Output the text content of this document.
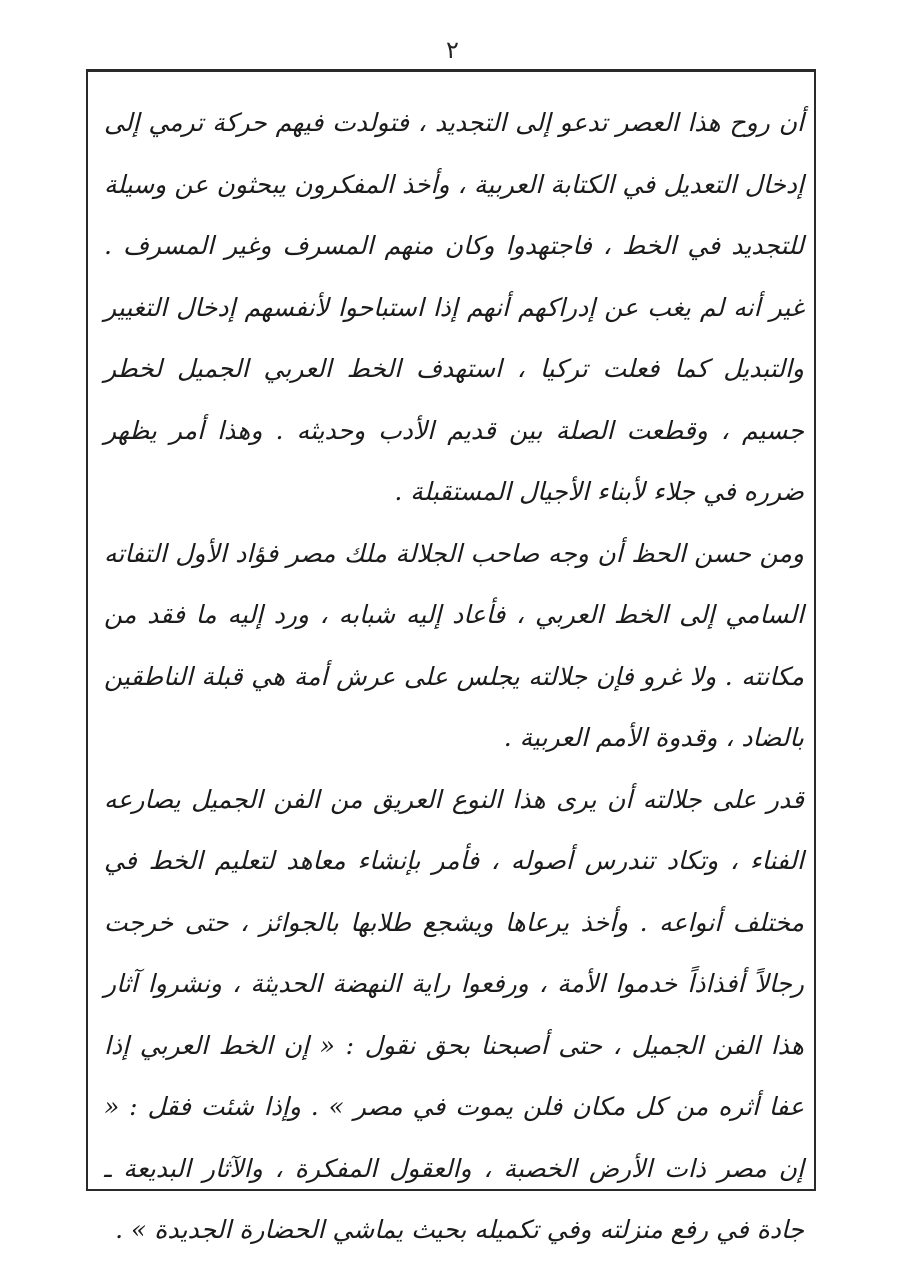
٢

أن روح هذا العصر تدعو إلى التجديد ، فتولدت فيهم حركة ترمي إلى إدخال التعديل في الكتابة العربية ، وأخذ المفكرون يبحثون عن وسيلة للتجديد في الخط ، فاجتهدوا وكان منهم المسرف وغير المسرف . غير أنه لم يغب عن إدراكهم أنهم إذا استباحوا لأنفسهم إدخال التغيير والتبديل كما فعلت تركيا ، استهدف الخط العربي الجميل لخطر جسيم ، وقطعت الصلة بين قديم الأدب وحديثه . وهذا أمر يظهر ضرره في جلاء لأبناء الأجيال المستقبلة .

ومن حسن الحظ أن وجه صاحب الجلالة ملك مصر فؤاد الأول التفاته السامي إلى الخط العربي ، فأعاد إليه شبابه ، ورد إليه ما فقد من مكانته . ولا غرو فإن جلالته يجلس على عرش أمة هي قبلة الناطقين بالضاد ، وقدوة الأمم العربية .

قدر على جلالته أن يرى هذا النوع العريق من الفن الجميل يصارعه الفناء ، وتكاد تندرس أصوله ، فأمر بإنشاء معاهد لتعليم الخط في مختلف أنواعه . وأخذ يرعاها ويشجع طلابها بالجوائز ، حتى خرجت رجالاً أفذاذاً خدموا الأمة ، ورفعوا راية النهضة الحديثة ، ونشروا آثار هذا الفن الجميل ، حتى أصبحنا بحق نقول : « إن الخط العربي إذا عفا أثره من كل مكان فلن يموت في مصر » . وإذا شئت فقل : « إن مصر ذات الأرض الخصبة ، والعقول المفكرة ، والآثار البديعة ـ جادة في رفع منزلته وفي تكميله بحيث يماشي الحضارة الجديدة » .
